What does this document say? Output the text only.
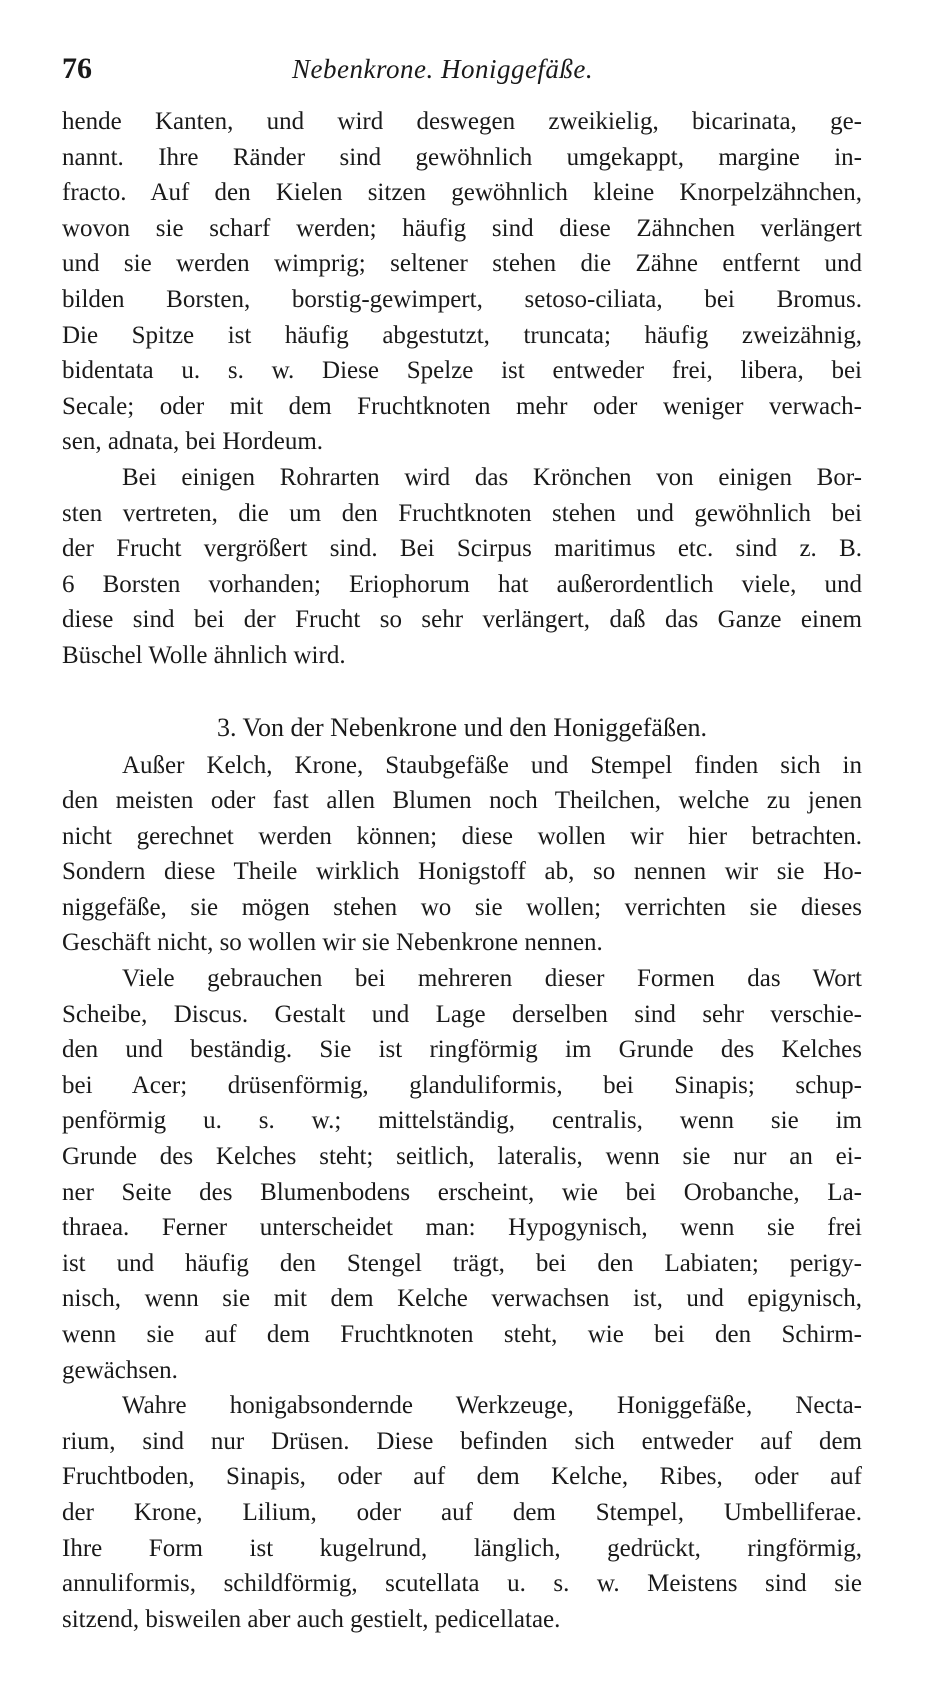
76	Nebenkrone. Honiggefäße.
hende Kanten, und wird deswegen zweikielig, bicarinata, ge-
nannt. Ihre Ränder sind gewöhnlich umgekappt, margine in-
fracto. Auf den Kielen sitzen gewöhnlich kleine Knorpelzähnchen,
wovon sie scharf werden; häufig sind diese Zähnchen verlängert
und sie werden wimprig; seltener stehen die Zähne entfernt und
bilden Borsten, borstig-gewimpert, setoso-ciliata, bei Bromus.
Die Spitze ist häufig abgestutzt, truncata; häufig zweizähnig,
bidentata u. s. w. Diese Spelze ist entweder frei, libera, bei
Secale; oder mit dem Fruchtknoten mehr oder weniger verwach-
sen, adnata, bei Hordeum.
Bei einigen Rohrarten wird das Krönchen von einigen Bor-
sten vertreten, die um den Fruchtknoten stehen und gewöhnlich bei
der Frucht vergrößert sind. Bei Scirpus maritimus etc. sind z. B.
6 Borsten vorhanden; Eriophorum hat außerordentlich viele, und
diese sind bei der Frucht so sehr verlängert, daß das Ganze einem
Büschel Wolle ähnlich wird.
3. Von der Nebenkrone und den Honiggefäßen.
Außer Kelch, Krone, Staubgefäße und Stempel finden sich in
den meisten oder fast allen Blumen noch Theilchen, welche zu jenen
nicht gerechnet werden können; diese wollen wir hier betrachten.
Sondern diese Theile wirklich Honigstoff ab, so nennen wir sie Ho-
niggefäße, sie mögen stehen wo sie wollen; verrichten sie dieses
Geschäft nicht, so wollen wir sie Nebenkrone nennen.
Viele gebrauchen bei mehreren dieser Formen das Wort
Scheibe, Discus. Gestalt und Lage derselben sind sehr verschie-
den und beständig. Sie ist ringförmig im Grunde des Kelches
bei Acer; drüsenförmig, glanduliformis, bei Sinapis; schup-
penförmig u. s. w.; mittelständig, centralis, wenn sie im
Grunde des Kelches steht; seitlich, lateralis, wenn sie nur an ei-
ner Seite des Blumenbodens erscheint, wie bei Orobanche, La-
thraea. Ferner unterscheidet man: Hypogynisch, wenn sie frei
ist und häufig den Stengel trägt, bei den Labiaten; perigy-
nisch, wenn sie mit dem Kelche verwachsen ist, und epigynisch,
wenn sie auf dem Fruchtknoten steht, wie bei den Schirm-
gewächsen.
Wahre honigabsondernde Werkzeuge, Honiggefäße, Necta-
rium, sind nur Drüsen. Diese befinden sich entweder auf dem
Fruchtboden, Sinapis, oder auf dem Kelche, Ribes, oder auf
der Krone, Lilium, oder auf dem Stempel, Umbelliferae.
Ihre Form ist kugelrund, länglich, gedrückt, ringförmig,
annuliformis, schildförmig, scutellata u. s. w. Meistens sind sie
sitzend, bisweilen aber auch gestielt, pedicellatae.
